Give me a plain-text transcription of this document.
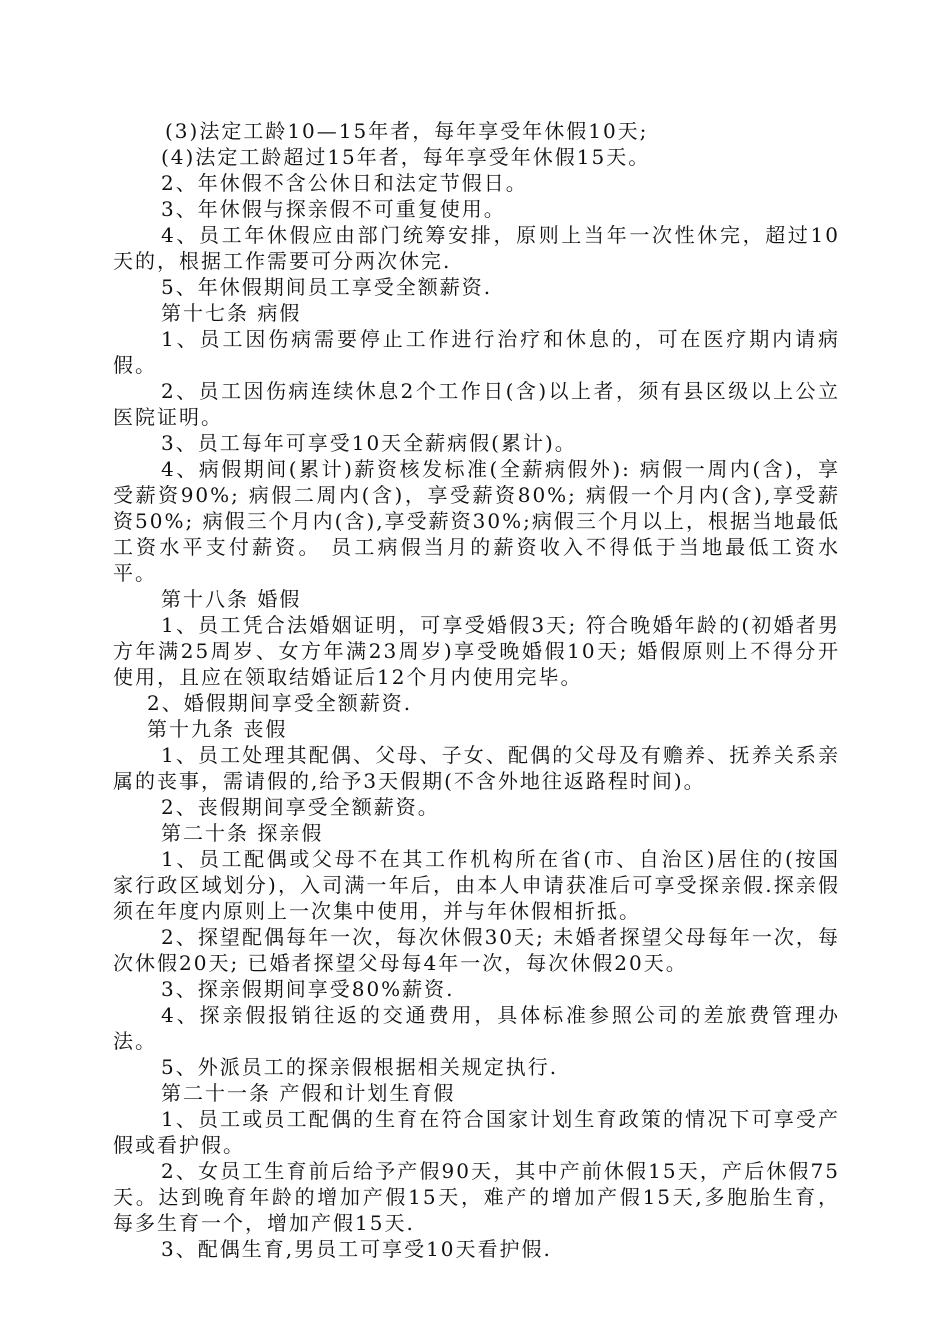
(3)法定工龄10—15年者，每年享受年休假10天;

(4)法定工龄超过15年者，每年享受年休假15天。

2、年休假不含公休日和法定节假日。

3、年休假与探亲假不可重复使用。

4、员工年休假应由部门统筹安排，原则上当年一次性休完，超过10天的，根据工作需要可分两次休完.

5、年休假期间员工享受全额薪资.

第十七条 病假

1、员工因伤病需要停止工作进行治疗和休息的，可在医疗期内请病假。

2、员工因伤病连续休息2个工作日(含)以上者，须有县区级以上公立医院证明。

3、员工每年可享受10天全薪病假(累计)。

4、病假期间(累计)薪资核发标准(全薪病假外): 病假一周内(含)，享受薪资90%; 病假二周内(含)，享受薪资80%; 病假一个月内(含),享受薪资50%; 病假三个月内(含),享受薪资30%;病假三个月以上，根据当地最低工资水平支付薪资。 员工病假当月的薪资收入不得低于当地最低工资水平。

第十八条 婚假

1、员工凭合法婚姻证明，可享受婚假3天; 符合晚婚年龄的(初婚者男方年满25周岁、女方年满23周岁)享受晚婚假10天; 婚假原则上不得分开使用，且应在领取结婚证后12个月内使用完毕。

2、婚假期间享受全额薪资.

第十九条 丧假

1、员工处理其配偶、父母、子女、配偶的父母及有赡养、抚养关系亲属的丧事，需请假的,给予3天假期(不含外地往返路程时间)。

2、丧假期间享受全额薪资。

第二十条 探亲假

1、员工配偶或父母不在其工作机构所在省(市、自治区)居住的(按国家行政区域划分)，入司满一年后，由本人申请获准后可享受探亲假.探亲假须在年度内原则上一次集中使用，并与年休假相折抵。

2、探望配偶每年一次，每次休假30天; 未婚者探望父母每年一次，每次休假20天; 已婚者探望父母每4年一次，每次休假20天。

3、探亲假期间享受80%薪资.

4、探亲假报销往返的交通费用，具体标准参照公司的差旅费管理办法。

5、外派员工的探亲假根据相关规定执行.

第二十一条 产假和计划生育假

1、员工或员工配偶的生育在符合国家计划生育政策的情况下可享受产假或看护假。

2、女员工生育前后给予产假90天，其中产前休假15天，产后休假75天。达到晚育年龄的增加产假15天，难产的增加产假15天,多胞胎生育，每多生育一个，增加产假15天.

3、配偶生育,男员工可享受10天看护假.
